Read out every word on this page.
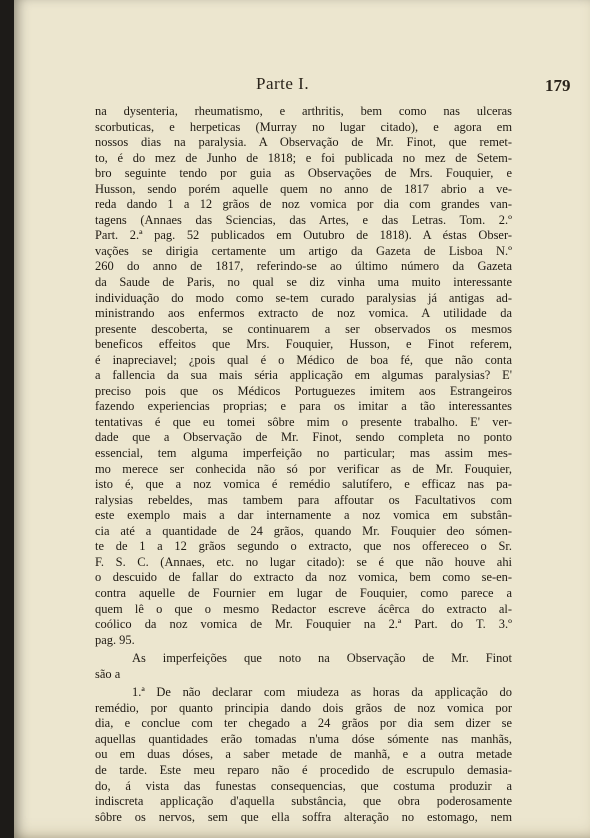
Parte I.	179
na dysenteria, rheumatismo, e arthritis, bem como nas ulceras
scorbuticas, e herpeticas (Murray no lugar citado), e agora em
nossos dias na paralysia. A Observação de Mr. Finot, que remet-
to, é do mez de Junho de 1818; e foi publicada no mez de Setem-
bro seguinte tendo por guia as Observações de Mrs. Fouquier, e
Husson, sendo porém aquelle quem no anno de 1817 abrio a ve-
reda dando 1 a 12 grãos de noz vomica por dia com grandes van-
tagens (Annaes das Sciencias, das Artes, e das Letras. Tom. 2.º
Part. 2.ª pag. 52 publicados em Outubro de 1818). A éstas Obser-
vações se dirigia certamente um artigo da Gazeta de Lisboa N.º
260 do anno de 1817, referindo-se ao último número da Gazeta
da Saude de Paris, no qual se diz vinha uma muito interessante
individuação do modo como se-tem curado paralysias já antigas ad-
ministrando aos enfermos extracto de noz vomica. A utilidade da
presente descoberta, se continuarem a ser observados os mesmos
beneficos effeitos que Mrs. Fouquier, Husson, e Finot referem,
é inapreciavel; ¿pois qual é o Médico de boa fé, que não conta
a fallencia da sua mais séria applicação em algumas paralysias? E'
preciso pois que os Médicos Portuguezes imitem aos Estrangeiros
fazendo experiencias proprias; e para os imitar a tão interessantes
tentativas é que eu tomei sôbre mim o presente trabalho. E' ver-
dade que a Observação de Mr. Finot, sendo completa no ponto
essencial, tem alguma imperfeição no particular; mas assim mes-
mo merece ser conhecida não só por verificar as de Mr. Fouquier,
isto é, que a noz vomica é remédio salutífero, e efficaz nas pa-
ralysias rebeldes, mas tambem para affoutar os Facultativos com
este exemplo mais a dar internamente a noz vomica em substân-
cia até a quantidade de 24 grãos, quando Mr. Fouquier deo sómen-
te de 1 a 12 grãos segundo o extracto, que nos offereceo o Sr.
F. S. C. (Annaes, etc. no lugar citado): se é que não houve ahi
o descuido de fallar do extracto da noz vomica, bem como se-en-
contra aquelle de Fournier em lugar de Fouquier, como parece a
quem lê o que o mesmo Redactor escreve ácêrca do extracto al-
coólico da noz vomica de Mr. Fouquier na 2.ª Part. do T. 3.º
pag. 95.
As imperfeições que noto na Observação de Mr. Finot
são a
1.ª De não declarar com miudeza as horas da applicação do
remédio, por quanto principia dando dois grãos de noz vomica por
dia, e conclue com ter chegado a 24 grãos por dia sem dizer se
aquellas quantidades erão tomadas n'uma dóse sómente nas manhãs,
ou em duas dóses, a saber metade de manhã, e a outra metade
de tarde. Este meu reparo não é procedido de escrupulo demasia-
do, á vista das funestas consequencias, que costuma produzir a
indiscreta applicação d'aquella substância, que obra poderosamente
sôbre os nervos, sem que ella soffra alteração no estomago, nem
